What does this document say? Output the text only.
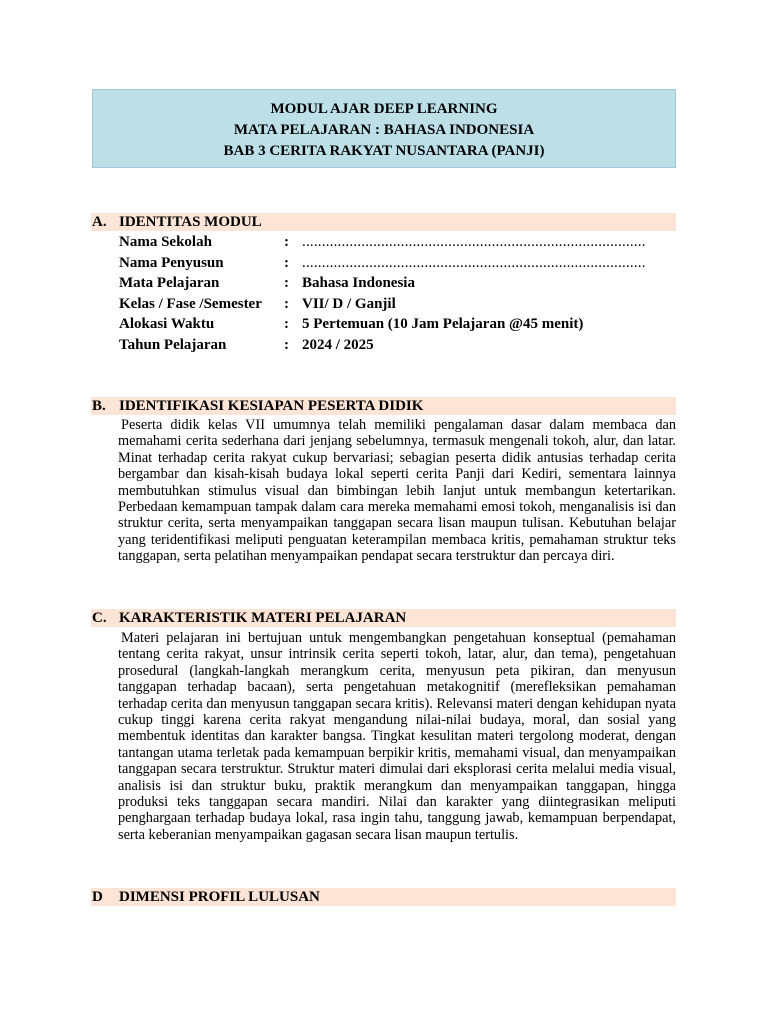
MODUL AJAR DEEP LEARNING
MATA PELAJARAN : BAHASA INDONESIA
BAB 3 CERITA RAKYAT NUSANTARA (PANJI)
A. IDENTITAS MODUL
Nama Sekolah	: .......................................................................................
Nama Penyusun	: .......................................................................................
Mata Pelajaran	: Bahasa Indonesia
Kelas / Fase /Semester : VII/ D / Ganjil
Alokasi Waktu	: 5 Pertemuan (10 Jam Pelajaran @45 menit)
Tahun Pelajaran	: 2024 / 2025
B. IDENTIFIKASI KESIAPAN PESERTA DIDIK
Peserta didik kelas VII umumnya telah memiliki pengalaman dasar dalam membaca dan memahami cerita sederhana dari jenjang sebelumnya, termasuk mengenali tokoh, alur, dan latar. Minat terhadap cerita rakyat cukup bervariasi; sebagian peserta didik antusias terhadap cerita bergambar dan kisah-kisah budaya lokal seperti cerita Panji dari Kediri, sementara lainnya membutuhkan stimulus visual dan bimbingan lebih lanjut untuk membangun ketertarikan. Perbedaan kemampuan tampak dalam cara mereka memahami emosi tokoh, menganalisis isi dan struktur cerita, serta menyampaikan tanggapan secara lisan maupun tulisan. Kebutuhan belajar yang teridentifikasi meliputi penguatan keterampilan membaca kritis, pemahaman struktur teks tanggapan, serta pelatihan menyampaikan pendapat secara terstruktur dan percaya diri.
C. KARAKTERISTIK MATERI PELAJARAN
Materi pelajaran ini bertujuan untuk mengembangkan pengetahuan konseptual (pemahaman tentang cerita rakyat, unsur intrinsik cerita seperti tokoh, latar, alur, dan tema), pengetahuan prosedural (langkah-langkah merangkum cerita, menyusun peta pikiran, dan menyusun tanggapan terhadap bacaan), serta pengetahuan metakognitif (merefleksikan pemahaman terhadap cerita dan menyusun tanggapan secara kritis). Relevansi materi dengan kehidupan nyata cukup tinggi karena cerita rakyat mengandung nilai-nilai budaya, moral, dan sosial yang membentuk identitas dan karakter bangsa. Tingkat kesulitan materi tergolong moderat, dengan tantangan utama terletak pada kemampuan berpikir kritis, memahami visual, dan menyampaikan tanggapan secara terstruktur. Struktur materi dimulai dari eksplorasi cerita melalui media visual, analisis isi dan struktur buku, praktik merangkum dan menyampaikan tanggapan, hingga produksi teks tanggapan secara mandiri. Nilai dan karakter yang diintegrasikan meliputi penghargaan terhadap budaya lokal, rasa ingin tahu, tanggung jawab, kemampuan berpendapat, serta keberanian menyampaikan gagasan secara lisan maupun tertulis.
D DIMENSI PROFIL LULUSAN
